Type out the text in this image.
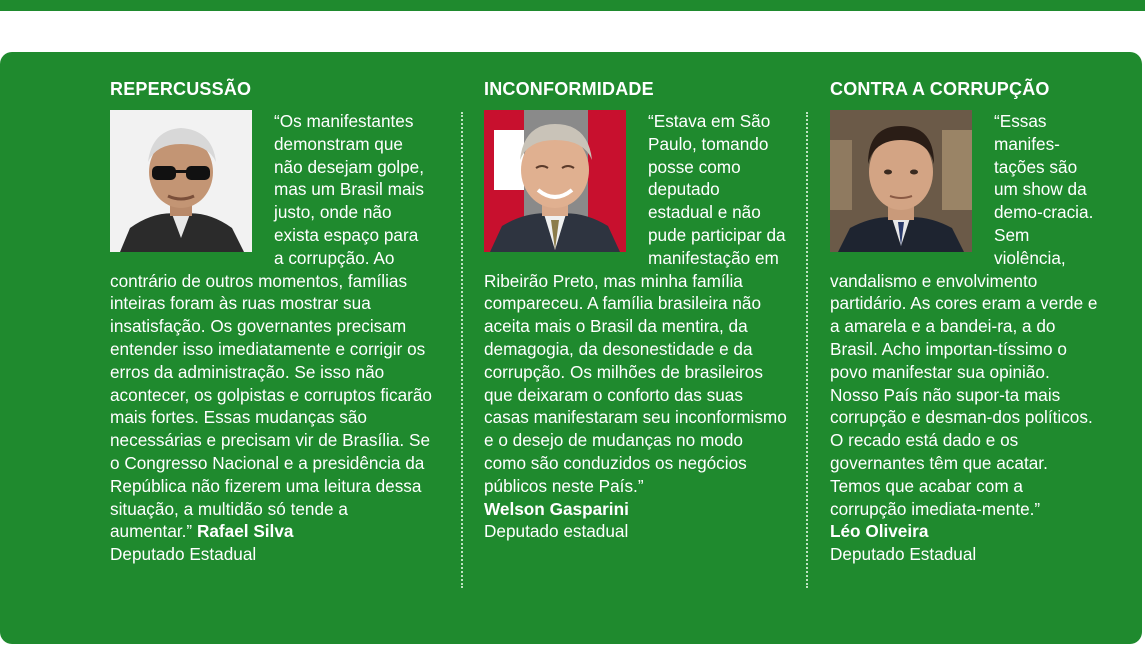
REPERCUSSÃO

“Os manifestantes demonstram que não desejam golpe, mas um Brasil mais justo, onde não exista espaço para a corrupção. Ao contrário de outros momentos, famílias inteiras foram às ruas mostrar sua insatisfação. Os governantes precisam entender isso imediatamente e corrigir os erros da administração. Se isso não acontecer, os golpistas e corruptos ficarão mais fortes. Essas mudanças são necessárias e precisam vir de Brasília. Se o Congresso Nacional e a presidência da República não fizerem uma leitura dessa situação, a multidão só tende a aumentar.” Rafael Silva
Deputado Estadual

INCONFORMIDADE

“Estava em São Paulo, tomando posse como deputado estadual e não pude participar da manifestação em Ribeirão Preto, mas minha família compareceu. A família brasileira não aceita mais o Brasil da mentira, da demagogia, da desonestidade e da corrupção. Os milhões de brasileiros que deixaram o conforto das suas casas manifestaram seu inconformismo e o desejo de mudanças no modo como são conduzidos os negócios públicos neste País.”
Welson Gasparini
Deputado estadual

CONTRA A CORRUPÇÃO

“Essas manifes-tações são um show da demo-cracia. Sem violência, vandalismo e envolvimento partidário. As cores eram a verde e a amarela e a bandei-ra, a do Brasil. Acho importan-tíssimo o povo manifestar sua opinião. Nosso País não supor-ta mais corrupção e desman-dos políticos. O recado está dado e os governantes têm que acatar. Temos que acabar com a corrupção imediata-mente.”
Léo Oliveira
Deputado Estadual
